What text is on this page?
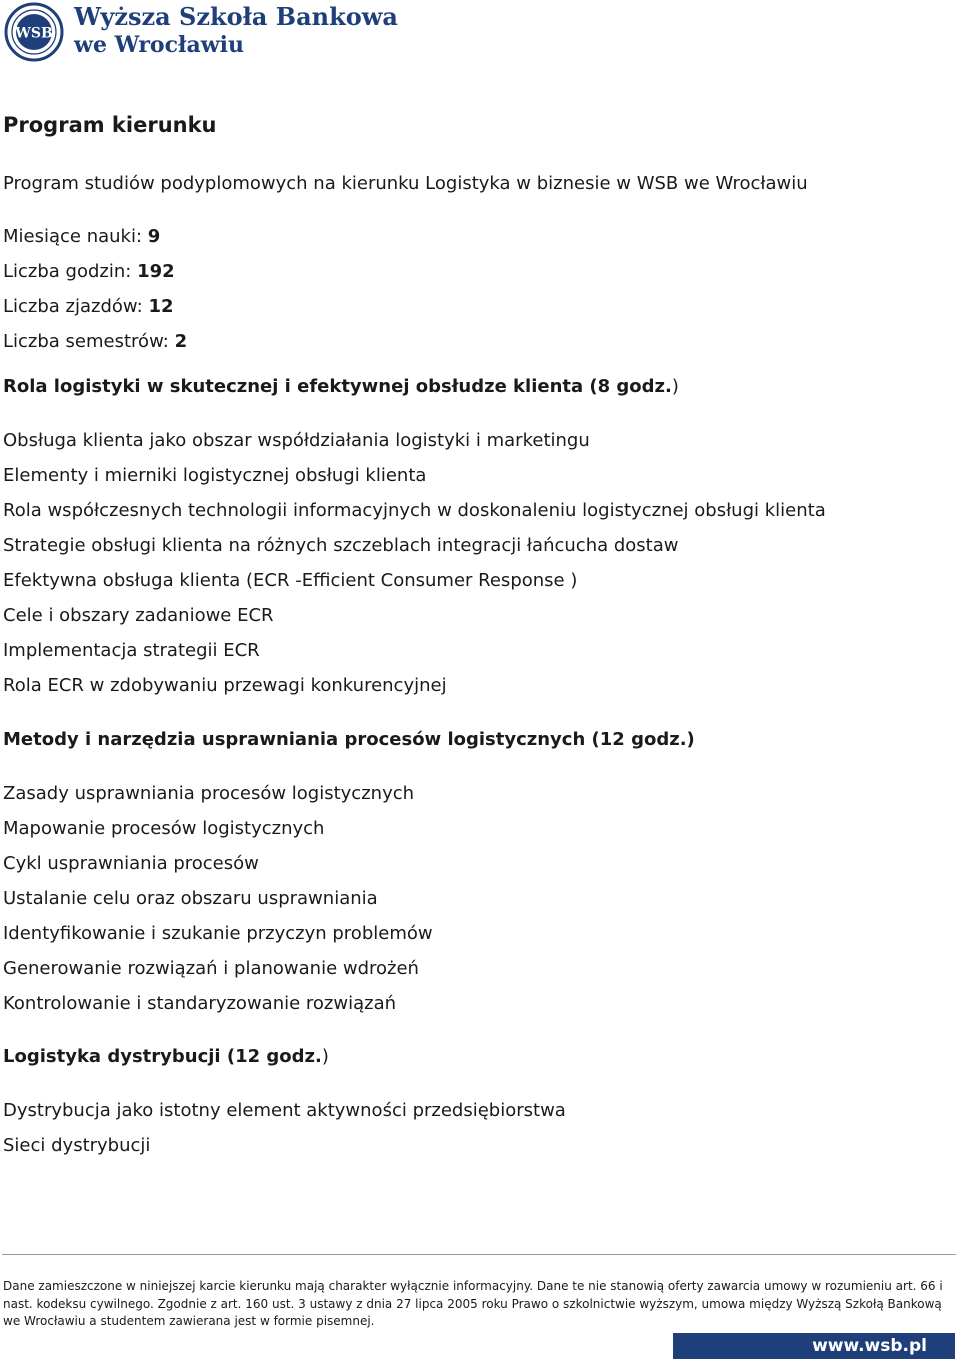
WSB
Wyższa Szkoła Bankowa
we Wrocławiu
Program kierunku

Program studiów podyplomowych na kierunku Logistyka w biznesie w WSB we Wrocławiu

Miesiące nauki: 9
Liczba godzin: 192
Liczba zjazdów: 12
Liczba semestrów: 2
Rola logistyki w skutecznej i efektywnej obsłudze klienta (8 godz.)
Obsługa klienta jako obszar współdziałania logistyki i marketingu
Elementy i mierniki logistycznej obsługi klienta
Rola współczesnych technologii informacyjnych w doskonaleniu logistycznej obsługi klienta
Strategie obsługi klienta na różnych szczeblach integracji łańcucha dostaw
Efektywna obsługa klienta (ECR -Efficient Consumer Response )
Cele i obszary zadaniowe ECR
Implementacja strategii ECR
Rola ECR w zdobywaniu przewagi konkurencyjnej
Metody i narzędzia usprawniania procesów logistycznych (12 godz.)
Zasady usprawniania procesów logistycznych
Mapowanie procesów logistycznych
Cykl usprawniania procesów
Ustalanie celu oraz obszaru usprawniania
Identyfikowanie i szukanie przyczyn problemów
Generowanie rozwiązań i planowanie wdrożeń
Kontrolowanie i standaryzowanie rozwiązań
Logistyka dystrybucji (12 godz.)
Dystrybucja jako istotny element aktywności przedsiębiorstwa
Sieci dystrybucji
Dane zamieszczone w niniejszej karcie kierunku mają charakter wyłącznie informacyjny. Dane te nie stanowią oferty zawarcia umowy w rozumieniu art. 66 i nast. kodeksu cywilnego. Zgodnie z art. 160 ust. 3 ustawy z dnia 27 lipca 2005 roku Prawo o szkolnictwie wyższym, umowa między Wyższą Szkołą Bankową we Wrocławiu a studentem zawierana jest w formie pisemnej.
www.wsb.pl
